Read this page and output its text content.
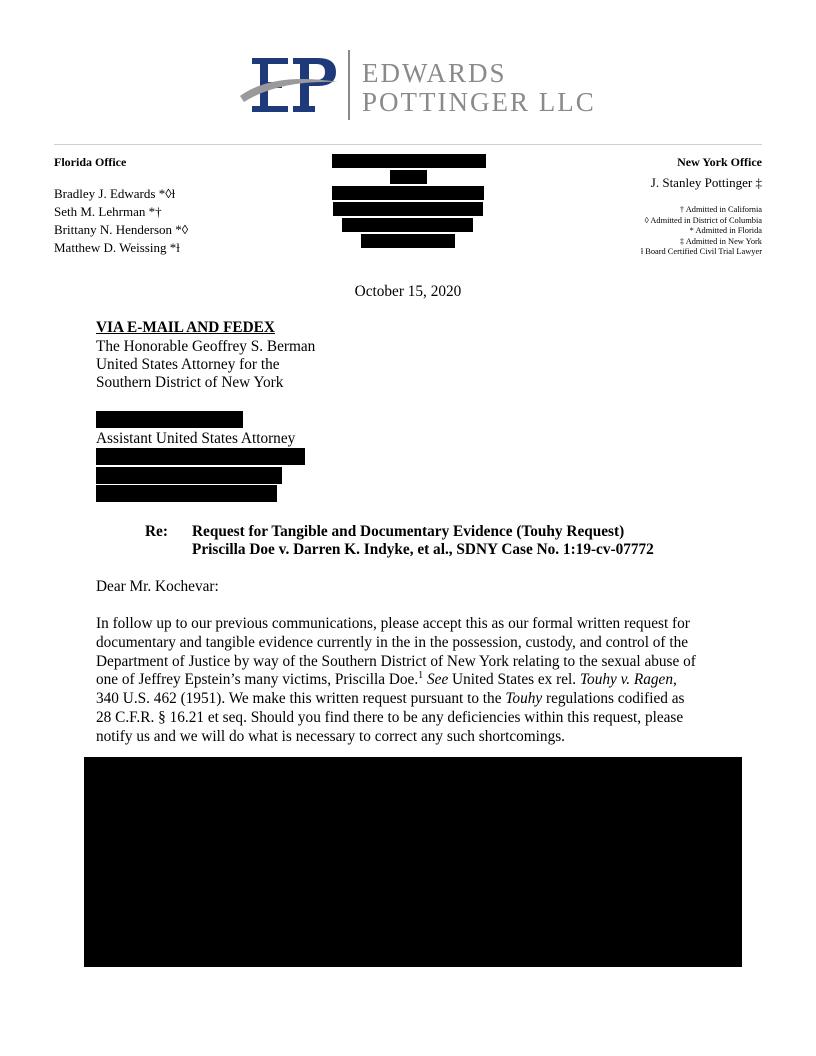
EDWARDS
POTTINGER LLC
Florida Office
Bradley J. Edwards *◊ƚ
Seth M. Lehrman *†
Brittany N. Henderson *◊
Matthew D. Weissing *ƚ
New York Office
J. Stanley Pottinger ‡
† Admitted in California
◊ Admitted in District of Columbia
* Admitted in Florida
‡ Admitted in New York
ƚ Board Certified Civil Trial Lawyer
October 15, 2020
VIA E-MAIL AND FEDEX
The Honorable Geoffrey S. Berman
United States Attorney for the
Southern District of New York
Assistant United States Attorney
Re: Request for Tangible and Documentary Evidence (Touhy Request)
Priscilla Doe v. Darren K. Indyke, et al., SDNY Case No. 1:19-cv-07772
Dear Mr. Kochevar:
In follow up to our previous communications, please accept this as our formal written request for
documentary and tangible evidence currently in the in the possession, custody, and control of the
Department of Justice by way of the Southern District of New York relating to the sexual abuse of
one of Jeffrey Epstein’s many victims, Priscilla Doe.$^1$ See United States ex rel. Touhy v. Ragen,
340 U.S. 462 (1951). We make this written request pursuant to the Touhy regulations codified as
28 C.F.R. § 16.21 et seq. Should you find there to be any deficiencies within this request, please
notify us and we will do what is necessary to correct any such shortcomings.
